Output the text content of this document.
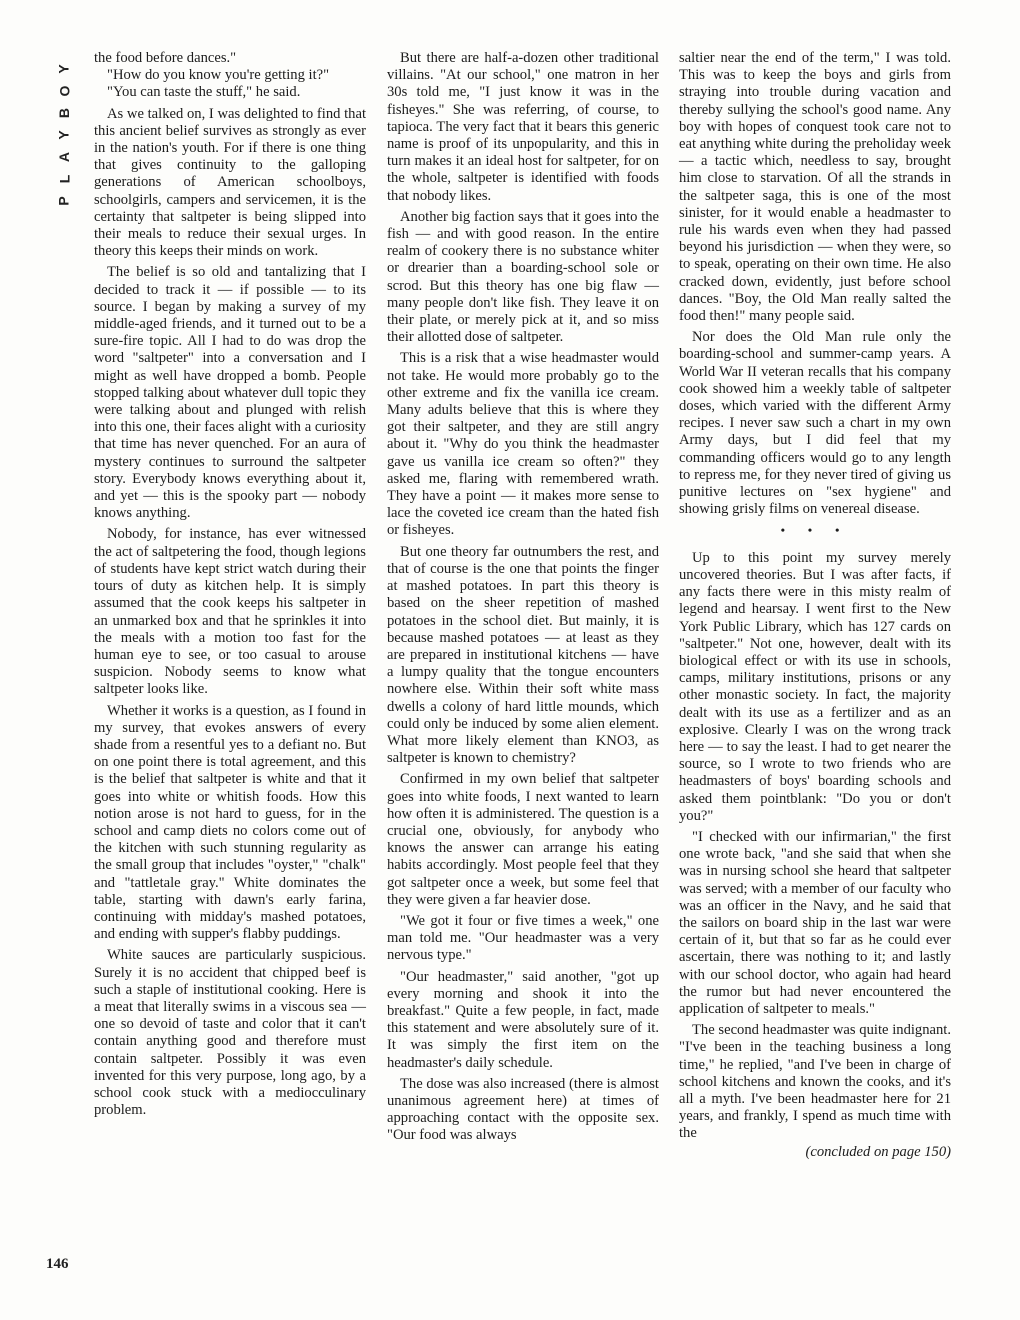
Y
O
B
Y
A
L
P

the food before dances."

"How do you know you're getting it?"

"You can taste the stuff," he said.

As we talked on, I was delighted to find that this ancient belief survives as strongly as ever in the nation's youth. For if there is one thing that gives continuity to the galloping generations of American schoolboys, schoolgirls, campers and servicemen, it is the certainty that saltpeter is being slipped into their meals to reduce their sexual urges. In theory this keeps their minds on work.

The belief is so old and tantalizing that I decided to track it — if possible — to its source. I began by making a survey of my middle-aged friends, and it turned out to be a sure-fire topic. All I had to do was drop the word "saltpeter" into a conversation and I might as well have dropped a bomb. People stopped talking about whatever dull topic they were talking about and plunged with relish into this one, their faces alight with a curiosity that time has never quenched. For an aura of mystery continues to surround the saltpeter story. Everybody knows everything about it, and yet — this is the spooky part — nobody knows anything.

Nobody, for instance, has ever witnessed the act of saltpetering the food, though legions of students have kept strict watch during their tours of duty as kitchen help. It is simply assumed that the cook keeps his saltpeter in an unmarked box and that he sprinkles it into the meals with a motion too fast for the human eye to see, or too casual to arouse suspicion. Nobody seems to know what saltpeter looks like.

Whether it works is a question, as I found in my survey, that evokes answers of every shade from a resentful yes to a defiant no. But on one point there is total agreement, and this is the belief that saltpeter is white and that it goes into white or whitish foods. How this notion arose is not hard to guess, for in the school and camp diets no colors come out of the kitchen with such stunning regularity as the small group that includes "oyster," "chalk" and "tattletale gray." White dominates the table, starting with dawn's early farina, continuing with midday's mashed potatoes, and ending with supper's flabby puddings.

White sauces are particularly suspicious. Surely it is no accident that chipped beef is such a staple of institutional cooking. Here is a meat that literally swims in a viscous sea — one so devoid of taste and color that it can't contain anything good and therefore must contain saltpeter. Possibly it was even invented for this very purpose, long ago, by a school cook stuck with a mediocculinary problem.

But there are half-a-dozen other traditional villains. "At our school," one matron in her 30s told me, "I just know it was in the fisheyes." She was referring, of course, to tapioca. The very fact that it bears this generic name is proof of its unpopularity, and this in turn makes it an ideal host for saltpeter, for on the whole, saltpeter is identified with foods that nobody likes.

Another big faction says that it goes into the fish — and with good reason. In the entire realm of cookery there is no substance whiter or drearier than a boarding-school sole or scrod. But this theory has one big flaw — many people don't like fish. They leave it on their plate, or merely pick at it, and so miss their allotted dose of saltpeter.

This is a risk that a wise headmaster would not take. He would more probably go to the other extreme and fix the vanilla ice cream. Many adults believe that this is where they got their saltpeter, and they are still angry about it. "Why do you think the headmaster gave us vanilla ice cream so often?" they asked me, flaring with remembered wrath. They have a point — it makes more sense to lace the coveted ice cream than the hated fish or fisheyes.

But one theory far outnumbers the rest, and that of course is the one that points the finger at mashed potatoes. In part this theory is based on the sheer repetition of mashed potatoes in the school diet. But mainly, it is because mashed potatoes — at least as they are prepared in institutional kitchens — have a lumpy quality that the tongue encounters nowhere else. Within their soft white mass dwells a colony of hard little mounds, which could only be induced by some alien element. What more likely element than KNO3, as saltpeter is known to chemistry?

Confirmed in my own belief that saltpeter goes into white foods, I next wanted to learn how often it is administered. The question is a crucial one, obviously, for anybody who knows the answer can arrange his eating habits accordingly. Most people feel that they got saltpeter once a week, but some feel that they were given a far heavier dose.

"We got it four or five times a week," one man told me. "Our headmaster was a very nervous type."

"Our headmaster," said another, "got up every morning and shook it into the breakfast." Quite a few people, in fact, made this statement and were absolutely sure of it. It was simply the first item on the headmaster's daily schedule.

The dose was also increased (there is almost unanimous agreement here) at times of approaching contact with the opposite sex. "Our food was always

saltier near the end of the term," I was told. This was to keep the boys and girls from straying into trouble during vacation and thereby sullying the school's good name. Any boy with hopes of conquest took care not to eat anything white during the preholiday week — a tactic which, needless to say, brought him close to starvation. Of all the strands in the saltpeter saga, this is one of the most sinister, for it would enable a headmaster to rule his wards even when they had passed beyond his jurisdiction — when they were, so to speak, operating on their own time. He also cracked down, evidently, just before school dances. "Boy, the Old Man really salted the food then!" many people said.

Nor does the Old Man rule only the boarding-school and summer-camp years. A World War II veteran recalls that his company cook showed him a weekly table of saltpeter doses, which varied with the different Army recipes. I never saw such a chart in my own Army days, but I did feel that my commanding officers would go to any length to repress me, for they never tired of giving us punitive lectures on "sex hygiene" and showing grisly films on venereal disease.

• • •

Up to this point my survey merely uncovered theories. But I was after facts, if any facts there were in this misty realm of legend and hearsay. I went first to the New York Public Library, which has 127 cards on "saltpeter." Not one, however, dealt with its biological effect or with its use in schools, camps, military institutions, prisons or any other monastic society. In fact, the majority dealt with its use as a fertilizer and as an explosive. Clearly I was on the wrong track here — to say the least. I had to get nearer the source, so I wrote to two friends who are headmasters of boys' boarding schools and asked them pointblank: "Do you or don't you?"

"I checked with our infirmarian," the first one wrote back, "and she said that when she was in nursing school she heard that saltpeter was served; with a member of our faculty who was an officer in the Navy, and he said that the sailors on board ship in the last war were certain of it, but that so far as he could ever ascertain, there was nothing to it; and lastly with our school doctor, who again had heard the rumor but had never encountered the application of saltpeter to meals."

The second headmaster was quite indignant. "I've been in the teaching business a long time," he replied, "and I've been in charge of school kitchens and known the cooks, and it's all a myth. I've been headmaster here for 21 years, and frankly, I spend as much time with the

(concluded on page 150)
146
